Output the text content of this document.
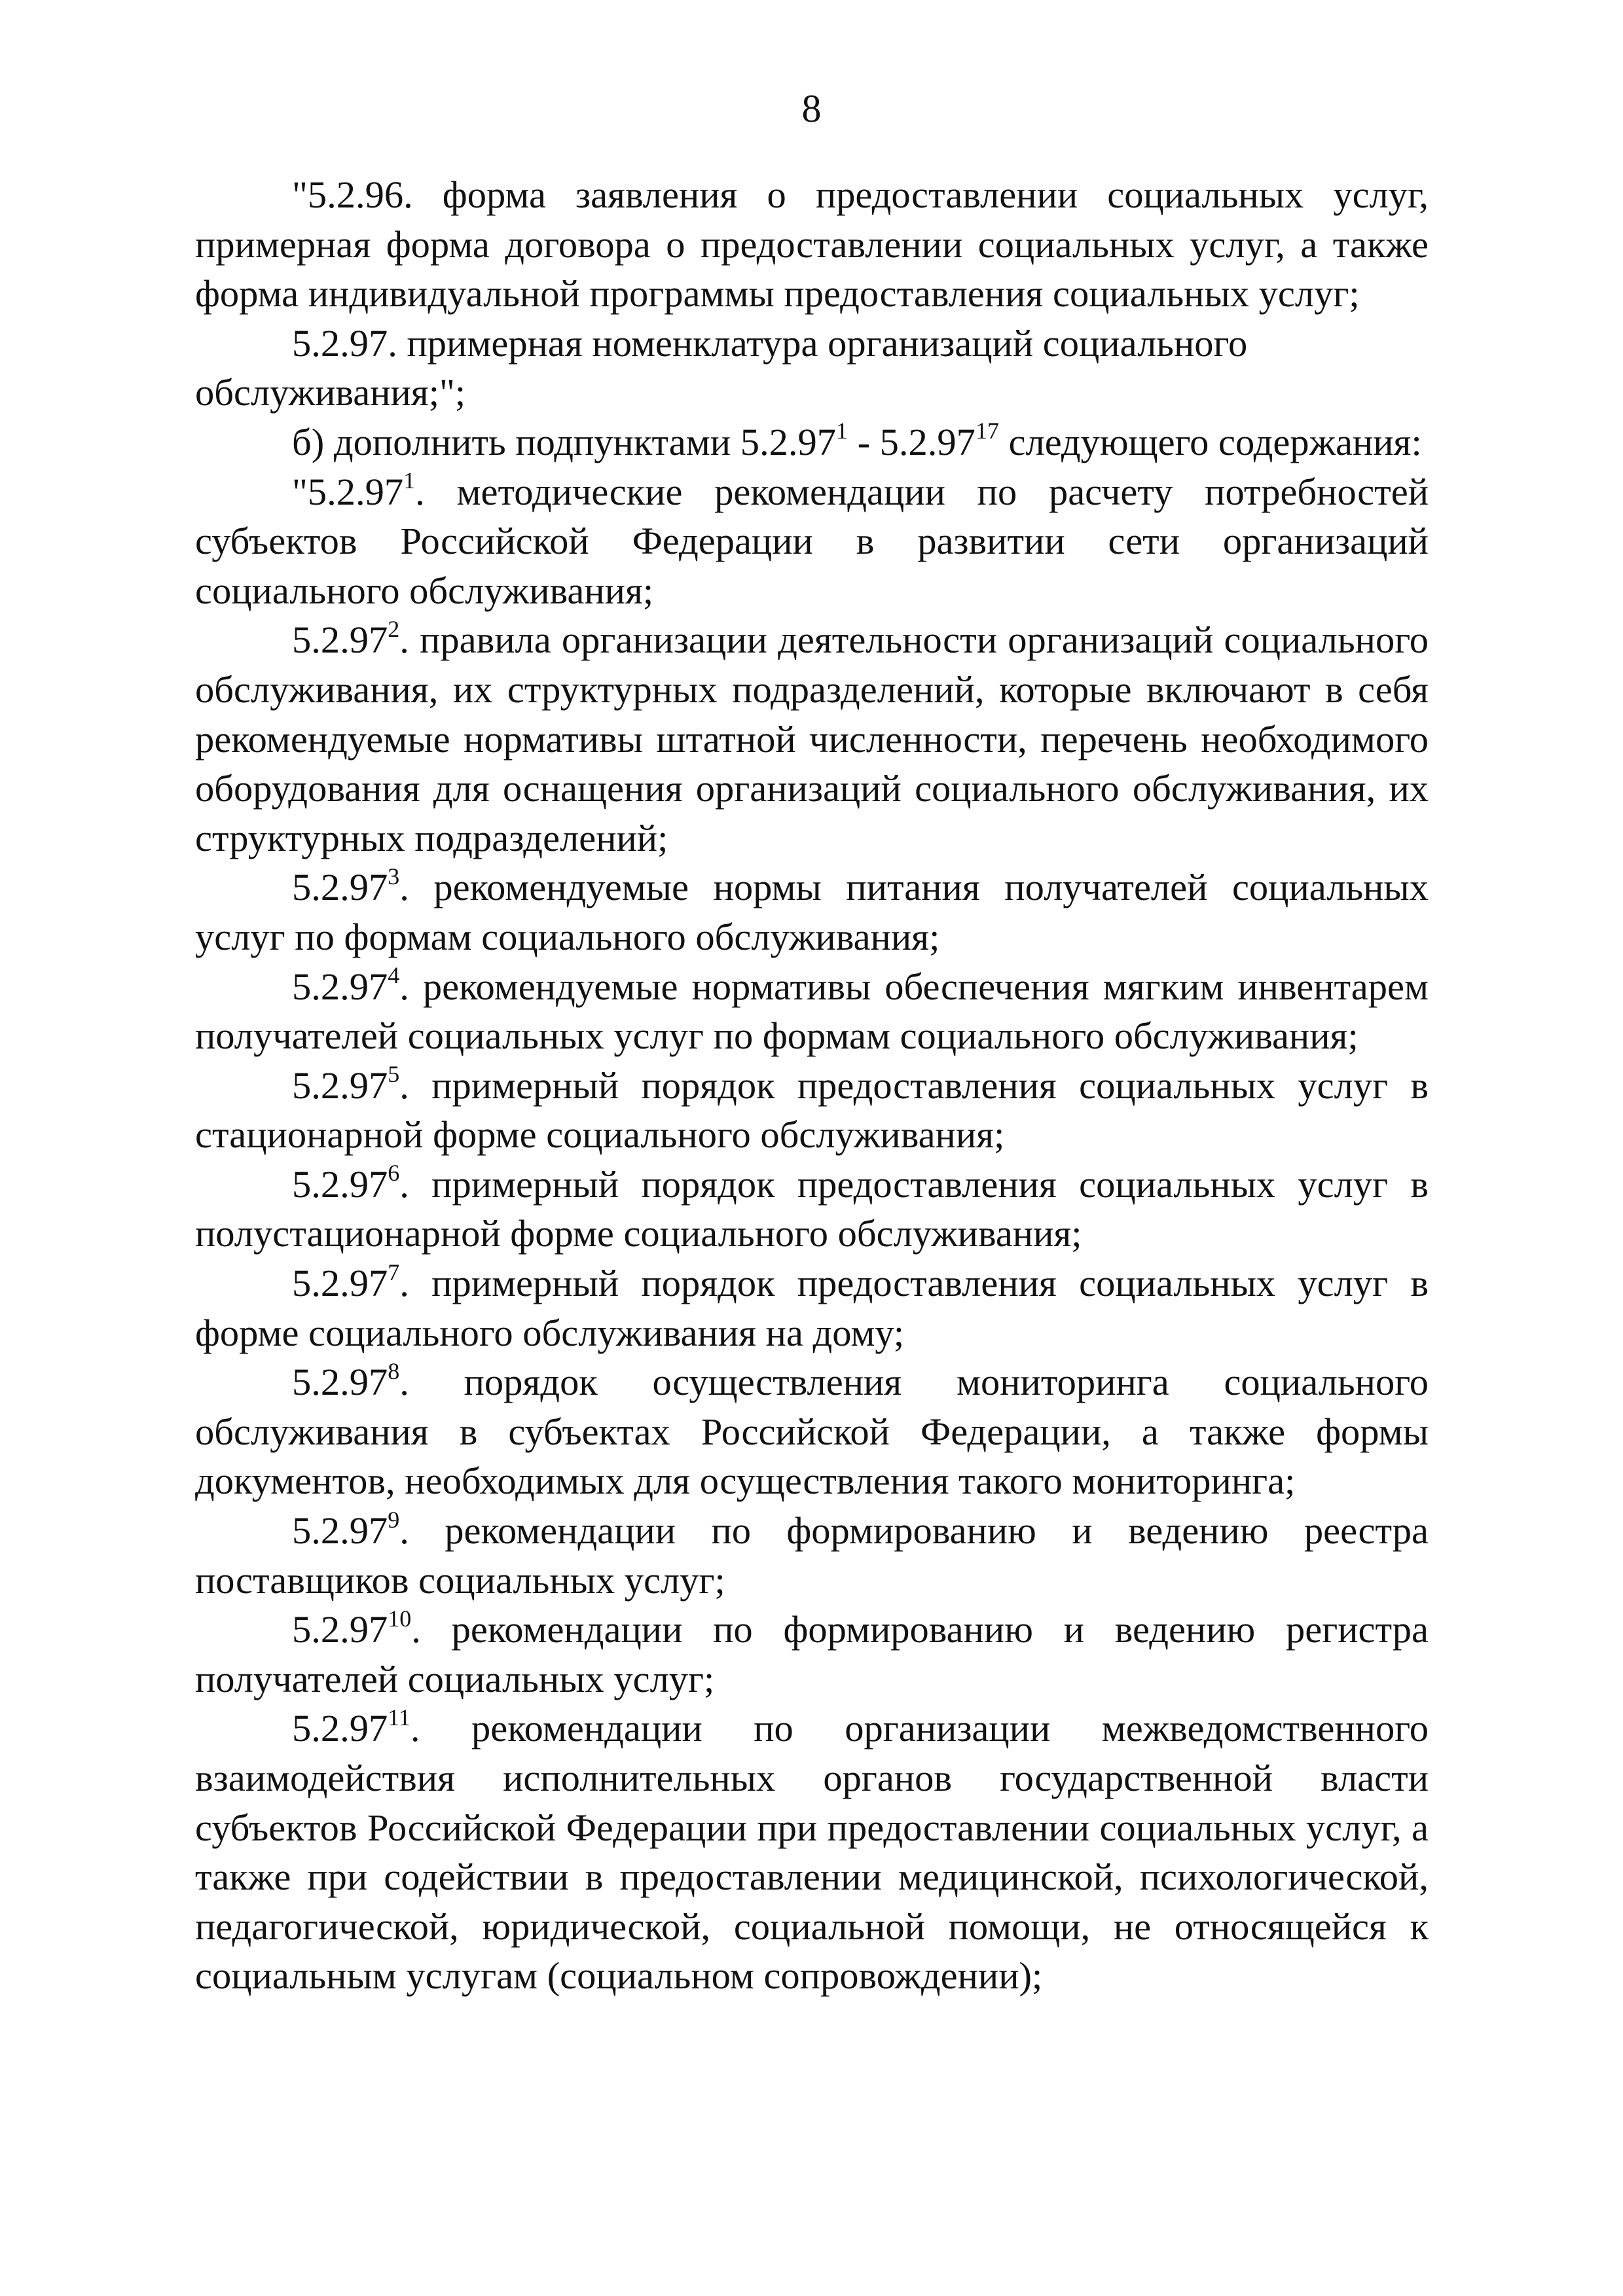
8

"5.2.96. форма заявления о предоставлении социальных услуг, примерная форма договора о предоставлении социальных услуг, а также форма индивидуальной программы предоставления социальных услуг;

5.2.97. примерная номенклатура организаций социального обслуживания;";

б) дополнить подпунктами 5.2.97$^1$ - 5.2.97$^{17}$ следующего содержания:

"5.2.97$^1$. методические рекомендации по расчету потребностей субъектов Российской Федерации в развитии сети организаций социального обслуживания;

5.2.97$^2$. правила организации деятельности организаций социального обслуживания, их структурных подразделений, которые включают в себя рекомендуемые нормативы штатной численности, перечень необходимого оборудования для оснащения организаций социального обслуживания, их структурных подразделений;

5.2.97$^3$. рекомендуемые нормы питания получателей социальных услуг по формам социального обслуживания;

5.2.97$^4$. рекомендуемые нормативы обеспечения мягким инвентарем получателей социальных услуг по формам социального обслуживания;

5.2.97$^5$. примерный порядок предоставления социальных услуг в стационарной форме социального обслуживания;

5.2.97$^6$. примерный порядок предоставления социальных услуг в полустационарной форме социального обслуживания;

5.2.97$^7$. примерный порядок предоставления социальных услуг в форме социального обслуживания на дому;

5.2.97$^8$. порядок осуществления мониторинга социального обслуживания в субъектах Российской Федерации, а также формы документов, необходимых для осуществления такого мониторинга;

5.2.97$^9$. рекомендации по формированию и ведению реестра поставщиков социальных услуг;

5.2.97$^{10}$. рекомендации по формированию и ведению регистра получателей социальных услуг;

5.2.97$^{11}$. рекомендации по организации межведомственного взаимодействия исполнительных органов государственной власти субъектов Российской Федерации при предоставлении социальных услуг, а также при содействии в предоставлении медицинской, психологической, педагогической, юридической, социальной помощи, не относящейся к социальным услугам (социальном сопровождении);
